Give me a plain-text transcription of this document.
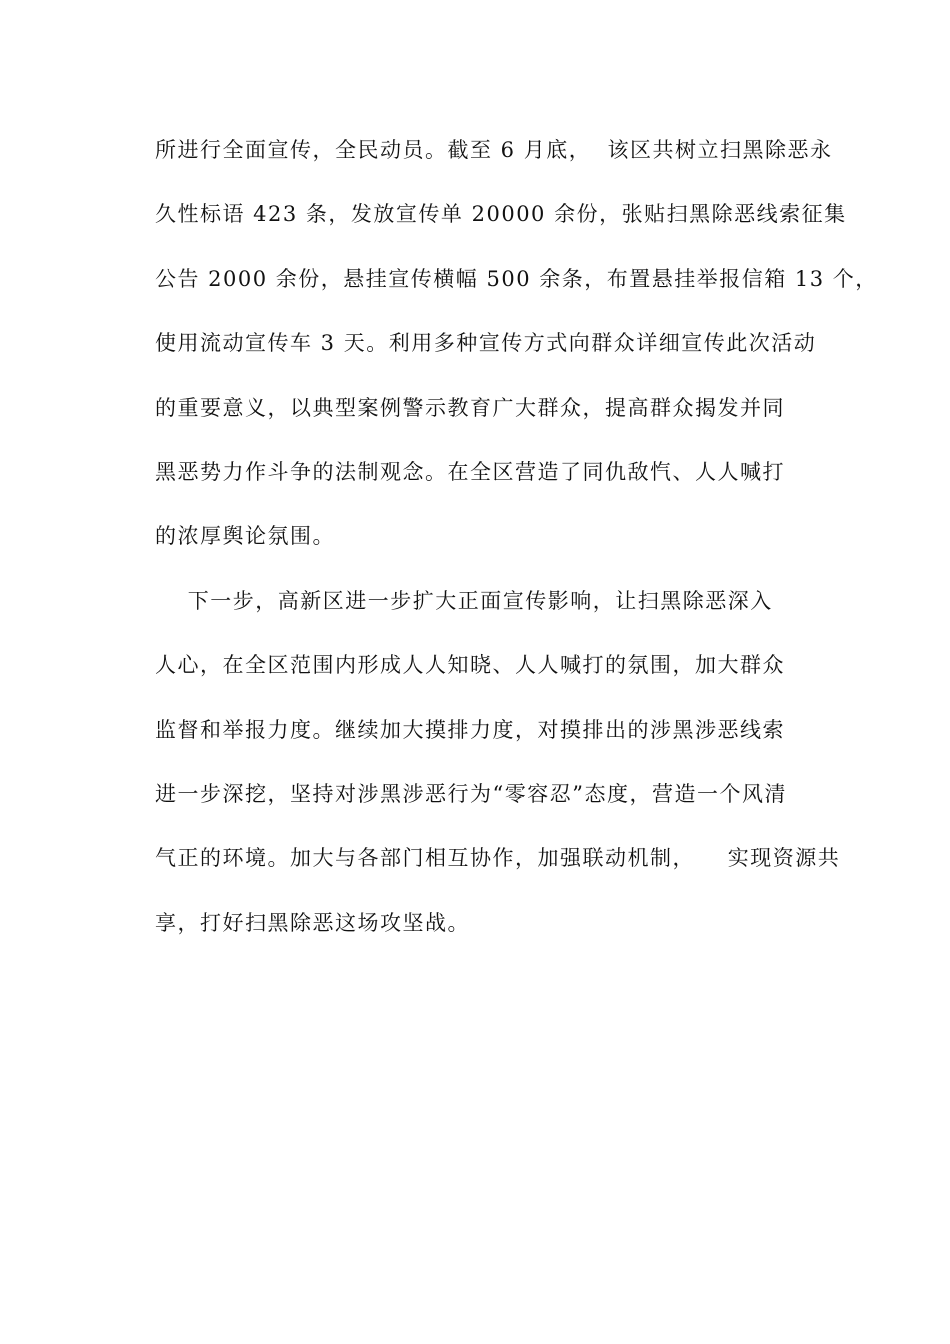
所进行全面宣传，全民动员。截至 6 月底，  该区共树立扫黑除恶永
久性标语 423 条，发放宣传单 20000 余份，张贴扫黑除恶线索征集
公告 2000 余份，悬挂宣传横幅 500 余条，布置悬挂举报信箱 13 个，
使用流动宣传车 3 天。利用多种宣传方式向群众详细宣传此次活动
的重要意义，以典型案例警示教育广大群众，提高群众揭发并同
黑恶势力作斗争的法制观念。在全区营造了同仇敌忾、人人喊打
的浓厚舆论氛围。
下一步，高新区进一步扩大正面宣传影响，让扫黑除恶深入
人心，在全区范围内形成人人知晓、人人喊打的氛围，加大群众
监督和举报力度。继续加大摸排力度，对摸排出的涉黑涉恶线索
进一步深挖，坚持对涉黑涉恶行为“零容忍”态度，营造一个风清
气正的环境。加大与各部门相互协作，加强联动机制，    实现资源共
享，打好扫黑除恶这场攻坚战。
